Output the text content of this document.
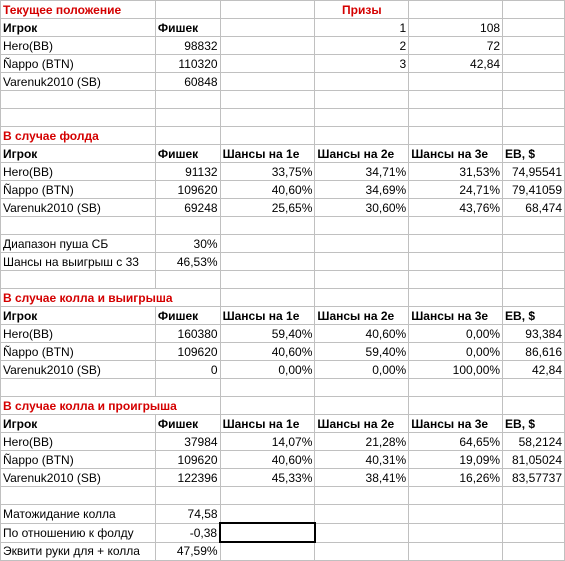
Текущее положение			Призы		
Игрок	Фишек		1	108	
Hero(BB)	98832		2	72	
Ñappo (BTN)	110320		3	42,84	
Varenuk2010 (SB)	60848				

В случае фолда					
Игрок	Фишек	Шансы на 1е	Шансы на 2е	Шансы на 3е	EB, $
Hero(BB)	91132	33,75%	34,71%	31,53%	74,95541
Ñappo (BTN)	109620	40,60%	34,69%	24,71%	79,41059
Varenuk2010 (SB)	69248	25,65%	30,60%	43,76%	68,474

Диапазон пуша СБ	30%				
Шансы на выигрыш с 33	46,53%				

В случае колла и выигрыша					
Игрок	Фишек	Шансы на 1е	Шансы на 2е	Шансы на 3е	EB, $
Hero(BB)	160380	59,40%	40,60%	0,00%	93,384
Ñappo (BTN)	109620	40,60%	59,40%	0,00%	86,616
Varenuk2010 (SB)	0	0,00%	0,00%	100,00%	42,84

В случае колла и проигрыша					
Игрок	Фишек	Шансы на 1е	Шансы на 2е	Шансы на 3е	EB, $
Hero(BB)	37984	14,07%	21,28%	64,65%	58,2124
Ñappo (BTN)	109620	40,60%	40,31%	19,09%	81,05024
Varenuk2010 (SB)	122396	45,33%	38,41%	16,26%	83,57737

Матожидание колла	74,58				
По отношению к фолду	-0,38				
Эквити руки для + колла	47,59%				
